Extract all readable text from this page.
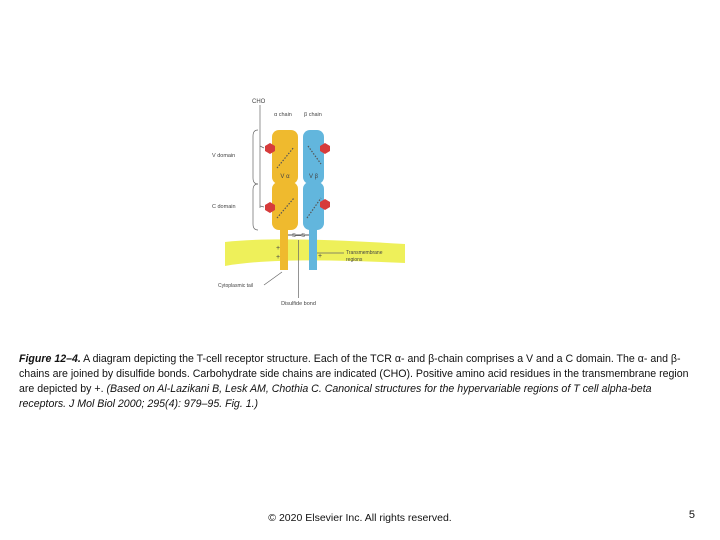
S—S
CHO
α chain β chain
V domain
C domain
V α	V β
+
+	+	Transmembrane
regions
Cytoplasmic tail
Disulfide bond
Figure 12–4. A diagram depicting the T-cell receptor structure. Each of the TCR α- and β-chain comprises a V and a C domain. The α- and β-chains are joined by disulfide bonds. Carbohydrate side chains are indicated (CHO). Positive amino acid residues in the transmembrane region are depicted by +. (Based on Al-Lazikani B, Lesk AM, Chothia C. Canonical structures for the hypervariable regions of T cell alpha-beta receptors. J Mol Biol 2000; 295(4): 979–95. Fig. 1.)
© 2020 Elsevier Inc. All rights reserved.	5
